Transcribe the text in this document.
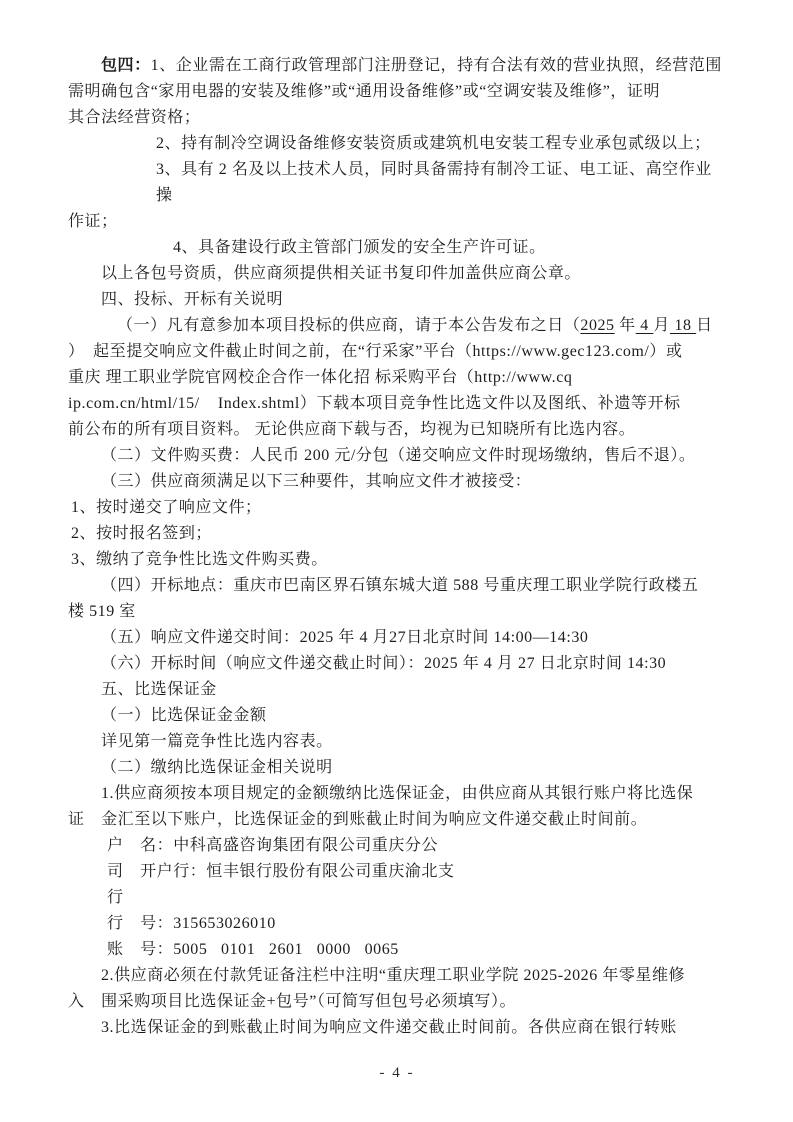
包四：1、企业需在工商行政管理部门注册登记，持有合法有效的营业执照，经营范围
需明确包含“家用电器的安装及维修”或“通用设备维修”或“空调安装及维修”，证明
其合法经营资格；
2、持有制冷空调设备维修安装资质或建筑机电安装工程专业承包贰级以上；
3、具有 2 名及以上技术人员，同时具备需持有制冷工证、电工证、高空作业操
作证；
4、具备建设行政主管部门颁发的安全生产许可证。
以上各包号资质，供应商须提供相关证书复印件加盖供应商公章。
四、投标、开标有关说明
（一）凡有意参加本项目投标的供应商，请于本公告发布之日（2025 年 4 月 18 日
）　起至提交响应文件截止时间之前，在“行采家”平台（https://www.gec123.com/）或
重庆 理工职业学院官网校企合作一体化招 标采购平台（http://www.cq
ip.com.cn/html/15/    Index.shtml）下载本项目竞争性比选文件以及图纸、补遗等开标
前公布的所有项目资料。 无论供应商下载与否，均视为已知晓所有比选内容。
（二）文件购买费：人民币 200 元/分包（递交响应文件时现场缴纳，售后不退）。
（三）供应商须满足以下三种要件，其响应文件才被接受：
1、按时递交了响应文件；
2、按时报名签到；
3、缴纳了竞争性比选文件购买费。
（四）开标地点：重庆市巴南区界石镇东城大道 588 号重庆理工职业学院行政楼五
楼 519 室
（五）响应文件递交时间：2025 年 4 月27日北京时间 14:00—14:30
（六）开标时间（响应文件递交截止时间）：2025 年 4 月 27 日北京时间 14:30
五、比选保证金
（一）比选保证金金额
详见第一篇竞争性比选内容表。
（二）缴纳比选保证金相关说明
1.供应商须按本项目规定的金额缴纳比选保证金，由供应商从其银行账户将比选保
证　金汇至以下账户，比选保证金的到账截止时间为响应文件递交截止时间前。
户　名：中科高盛咨询集团有限公司重庆分公
司　开户行：恒丰银行股份有限公司重庆渝北支
行
行　号：315653026010
账　号：5005   0101   2601   0000   0065
2.供应商必须在付款凭证备注栏中注明“重庆理工职业学院 2025-2026 年零星维修
入　围采购项目比选保证金+包号”（可简写但包号必须填写）。
3.比选保证金的到账截止时间为响应文件递交截止时间前。各供应商在银行转账
- 4 -
